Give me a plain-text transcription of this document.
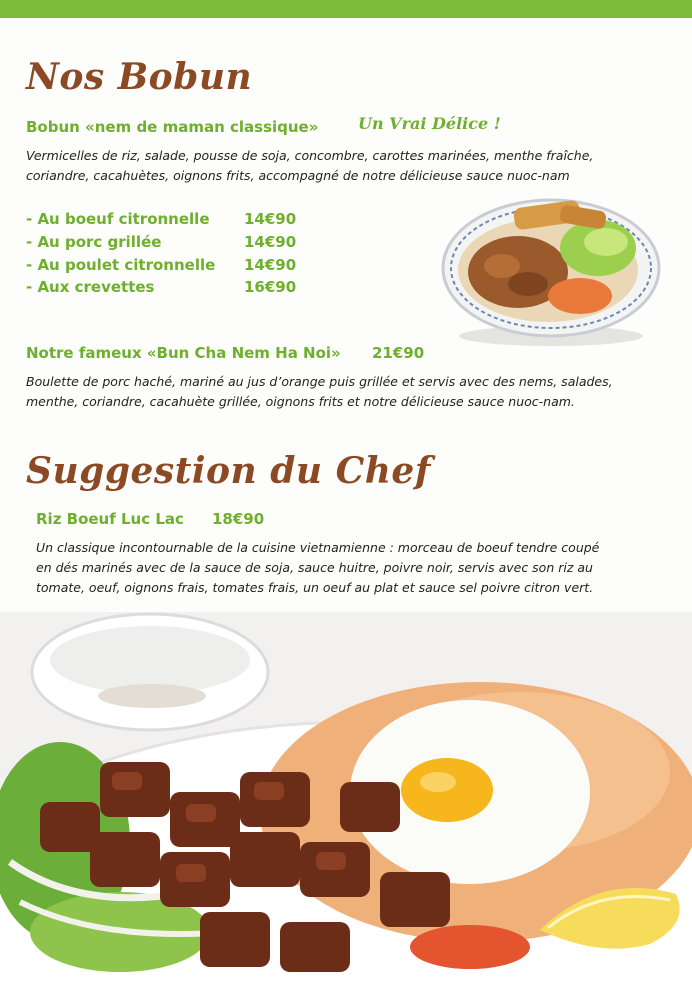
Nos Bobun
Bobun «nem de maman classique» Un Vrai Délice !
Vermicelles de riz, salade, pousse de soja, concombre, carottes marinées, menthe fraîche,
coriandre, cacahuètes, oignons frits, accompagné de notre délicieuse sauce nuoc-nam
- Au boeuf citronnelle 14€90
- Au porc grillée	14€90
- Au poulet citronnelle 14€90
- Aux crevettes	16€90
Notre fameux «Bun Cha Nem Ha Noi» 21€90
Boulette de porc haché, mariné au jus d’orange puis grillée et servis avec des nems, salades,
menthe, coriandre, cacahuète grillée, oignons frits et notre délicieuse sauce nuoc-nam.
Suggestion du Chef
Riz Boeuf Luc Lac 18€90
Un classique incontournable de la cuisine vietnamienne : morceau de boeuf tendre coupé
en dés marinés avec de la sauce de soja, sauce huitre, poivre noir, servis avec son riz au
tomate, oeuf, oignons frais, tomates frais, un oeuf au plat et sauce sel poivre citron vert.
